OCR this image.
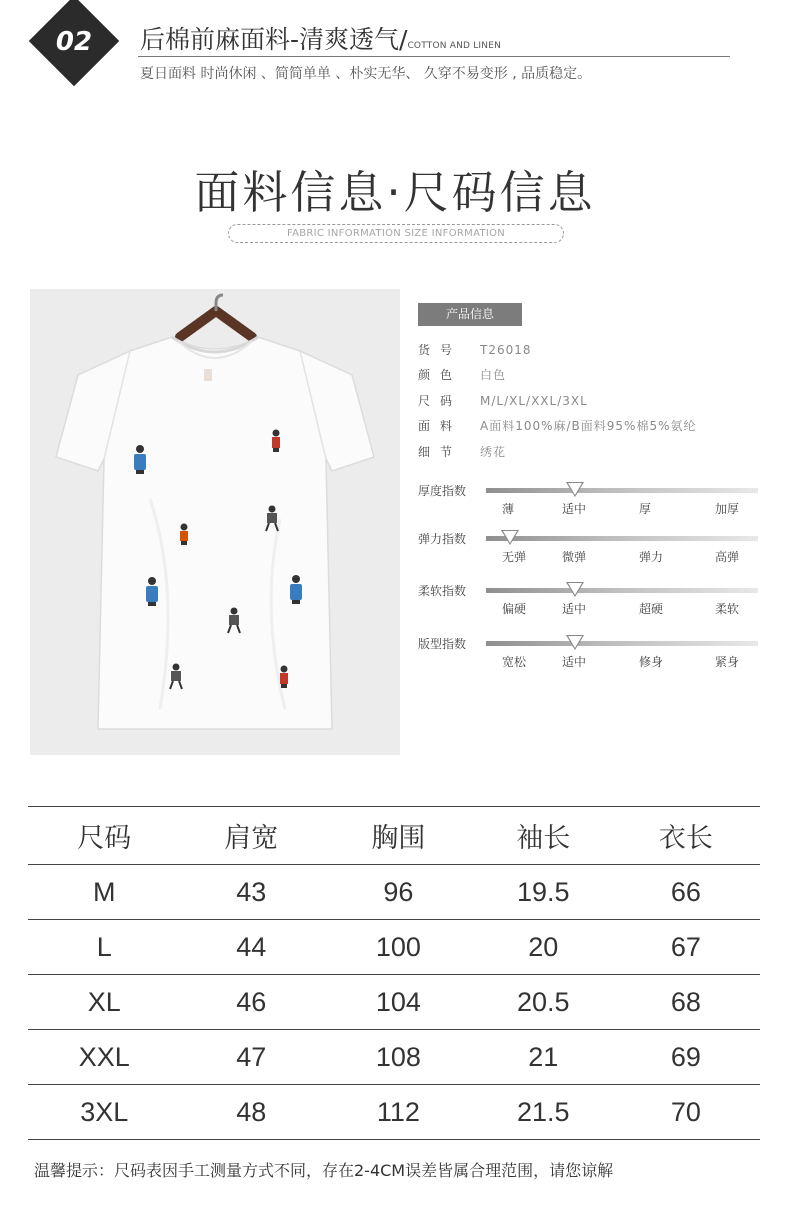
02	后棉前麻面料-清爽透气/COTTON AND LINEN
夏日面料 时尚休闲 、简简单单 、朴实无华、 久穿不易变形 , 品质稳定。
面料信息·尺码信息
FABRIC INFORMATION SIZE INFORMATION
产品信息
货号 T26018
颜色 白色
尺码 M/L/XL/XXL/3XL
面料 A面料100%麻/B面料95%棉5%氨纶
细节 绣花
厚度指数
薄	适中	厚	加厚
弹力指数
无弹	微弹	弹力	高弹
柔软指数
偏硬	适中	超硬	柔软
版型指数
宽松	适中	修身	紧身
尺码	肩宽	胸围	袖长	衣长
M	43	96	19.5	66
L	44	100	20	67
XL	46	104	20.5	68
XXL	47	108	21	69
3XL	48	112	21.5	70
温馨提示：尺码表因手工测量方式不同，存在2-4CM误差皆属合理范围，请您谅解
